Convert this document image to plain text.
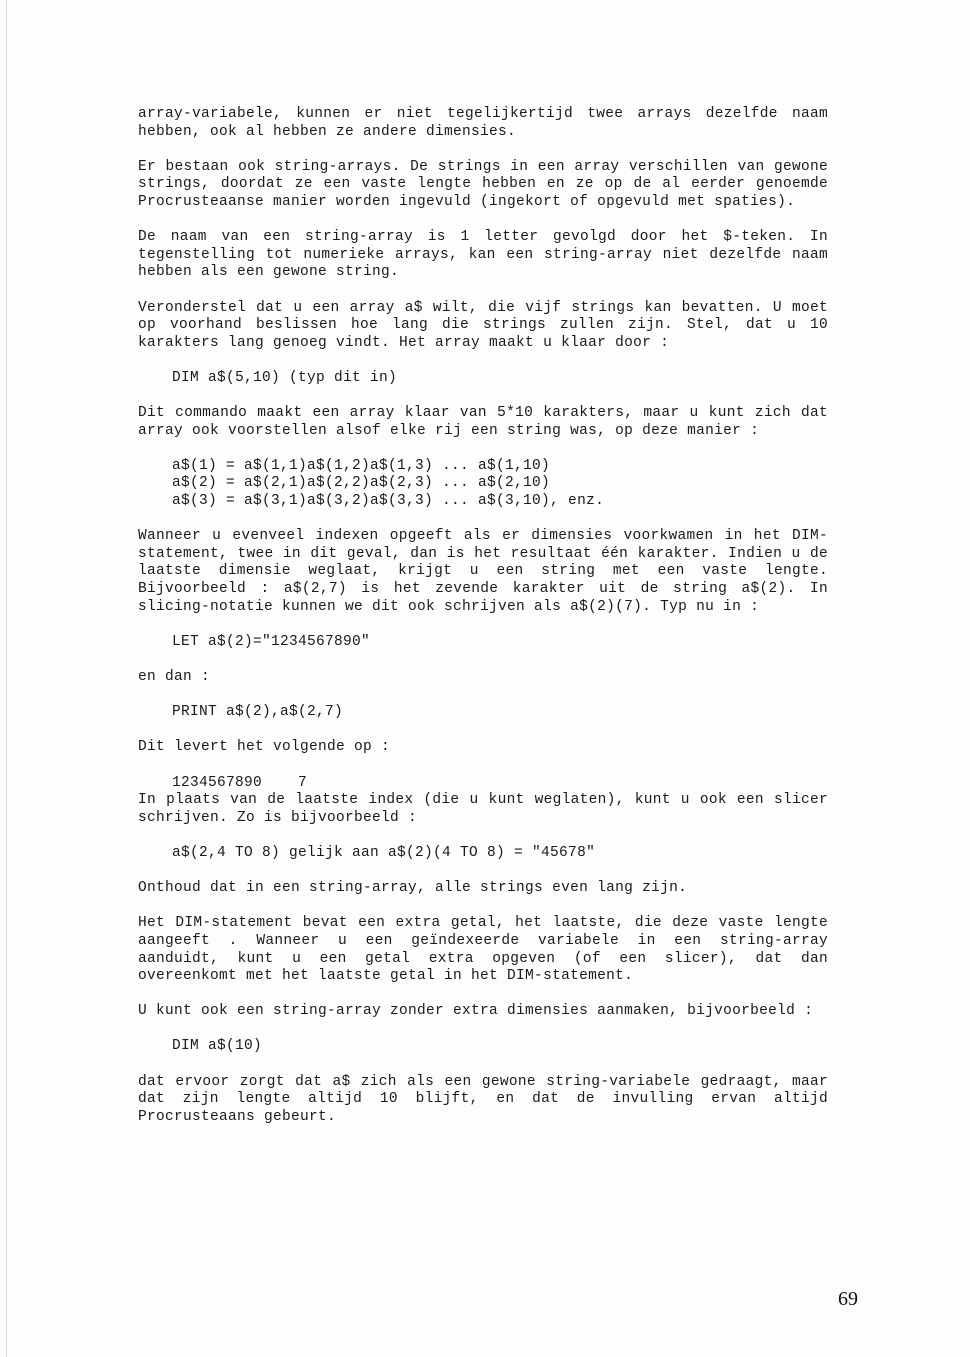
array-variabele, kunnen er niet tegelijkertijd twee arrays dezelfde naam hebben, ook al hebben ze andere dimensies.

Er bestaan ook string-arrays. De strings in een array verschillen van gewone strings, doordat ze een vaste lengte hebben en ze op de al eerder genoemde Procrusteaanse manier worden ingevuld (ingekort of opgevuld met spaties).

De naam van een string-array is 1 letter gevolgd door het $-teken. In tegenstelling tot numerieke arrays, kan een string-array niet dezelfde naam hebben als een gewone string.

Veronderstel dat u een array a$ wilt, die vijf strings kan bevatten. U moet op voorhand beslissen hoe lang die strings zullen zijn. Stel, dat u 10 karakters lang genoeg vindt. Het array maakt u klaar door :

DIM a$(5,10) (typ dit in)

Dit commando maakt een array klaar van 5*10 karakters, maar u kunt zich dat array ook voorstellen alsof elke rij een string was, op deze manier :

a$(1) = a$(1,1)a$(1,2)a$(1,3) ... a$(1,10)
a$(2) = a$(2,1)a$(2,2)a$(2,3) ... a$(2,10)
a$(3) = a$(3,1)a$(3,2)a$(3,3) ... a$(3,10), enz.

Wanneer u evenveel indexen opgeeft als er dimensies voorkwamen in het DIM-statement, twee in dit geval, dan is het resultaat één karakter. Indien u de laatste dimensie weglaat, krijgt u een string met een vaste lengte. Bijvoorbeeld : a$(2,7) is het zevende karakter uit de string a$(2). In slicing-notatie kunnen we dit ook schrijven als a$(2)(7). Typ nu in :

LET a$(2)="1234567890"

en dan :

PRINT a$(2),a$(2,7)

Dit levert het volgende op :

1234567890    7

In plaats van de laatste index (die u kunt weglaten), kunt u ook een slicer schrijven. Zo is bijvoorbeeld :

a$(2,4 TO 8) gelijk aan a$(2)(4 TO 8) = "45678"

Onthoud dat in een string-array, alle strings even lang zijn.

Het DIM-statement bevat een extra getal, het laatste, die deze vaste lengte aangeeft . Wanneer u een geïndexeerde variabele in een string-array aanduidt, kunt u een getal extra opgeven (of een slicer), dat dan overeenkomt met het laatste getal in het DIM-statement.

U kunt ook een string-array zonder extra dimensies aanmaken, bijvoorbeeld :

DIM a$(10)

dat ervoor zorgt dat a$ zich als een gewone string-variabele gedraagt, maar dat zijn lengte altijd 10 blijft, en dat de invulling ervan altijd Procrusteaans gebeurt.

69
